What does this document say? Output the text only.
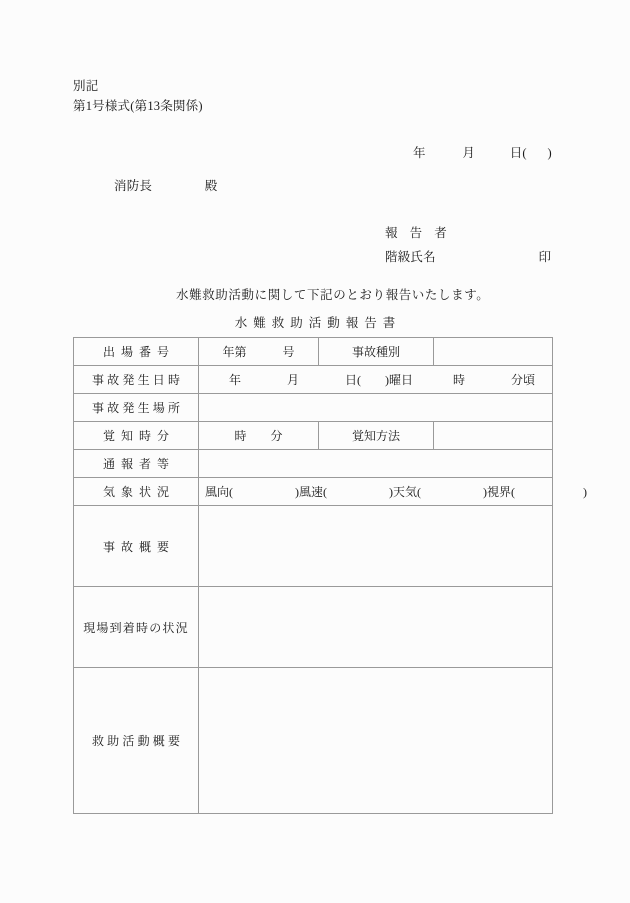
別記
第1号様式(第13条関係)
年	月	日( )
消防長	殿
報 告 者
階級氏名	印
水難救助活動に関して下記のとおり報告いたします。
水難救助活動報告書
出場番号	年第　　　号	事故種別	
事故発生日時	年 月 日( )曜日 時 分頃		
事故発生場所			
覚知時分	時　　分	覚知方法	
通報者等			
気象状況	風向( )風速( )天気( )視界( )		
事故概要			
現場到着時の状況			
救助活動概要			
